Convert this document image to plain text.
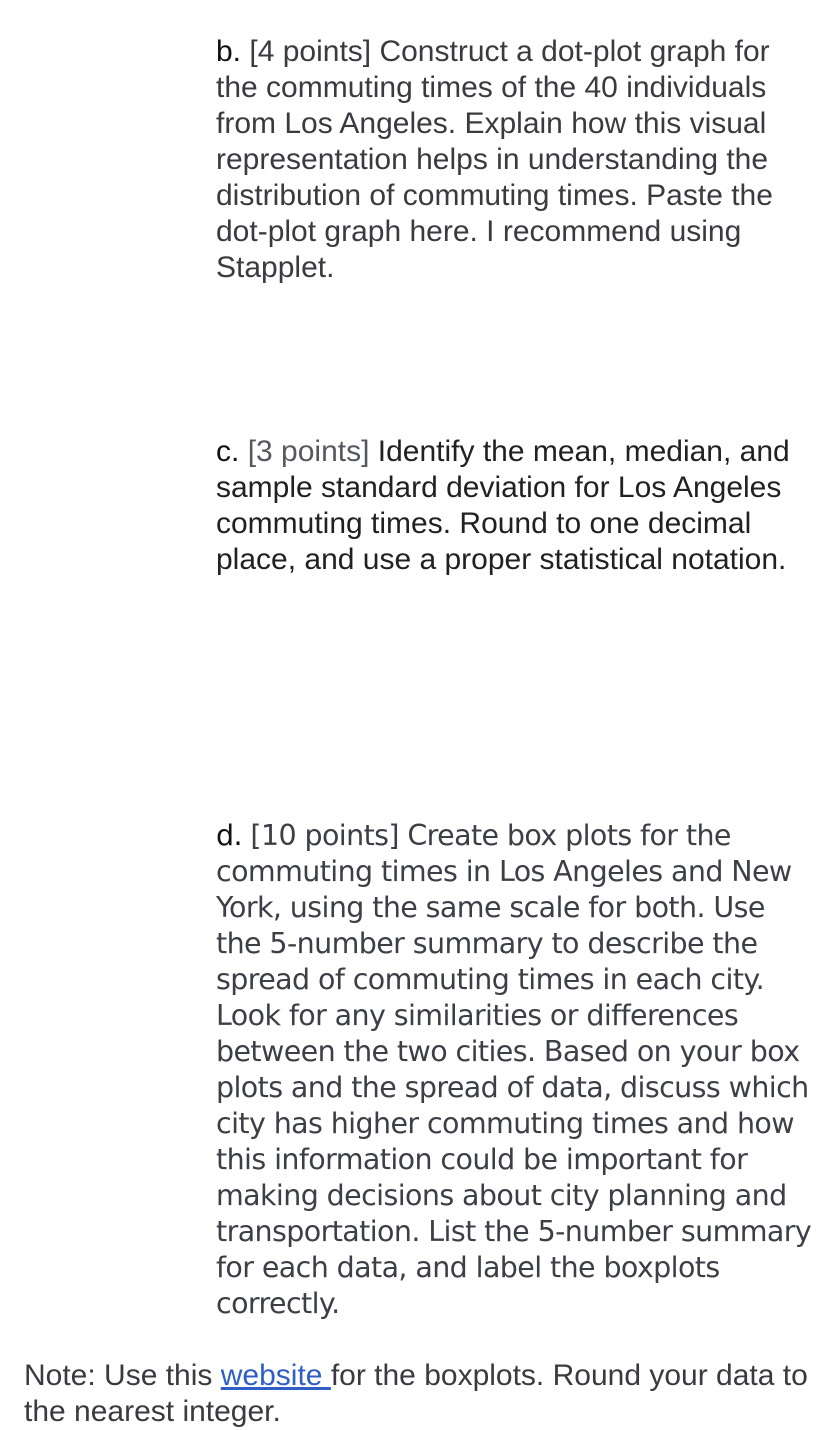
b. [4 points] Construct a dot-plot graph for the commuting times of the 40 individuals from Los Angeles. Explain how this visual representation helps in understanding the distribution of commuting times. Paste the dot-plot graph here. I recommend using Stapplet.

c. [3 points] Identify the mean, median, and sample standard deviation for Los Angeles commuting times. Round to one decimal place, and use a proper statistical notation.

d. [10 points] Create box plots for the commuting times in Los Angeles and New York, using the same scale for both. Use the 5-number summary to describe the spread of commuting times in each city. Look for any similarities or differences between the two cities. Based on your box plots and the spread of data, discuss which city has higher commuting times and how this information could be important for making decisions about city planning and transportation. List the 5-number summary for each data, and label the boxplots correctly.

Note: Use this website for the boxplots. Round your data to the nearest integer.
